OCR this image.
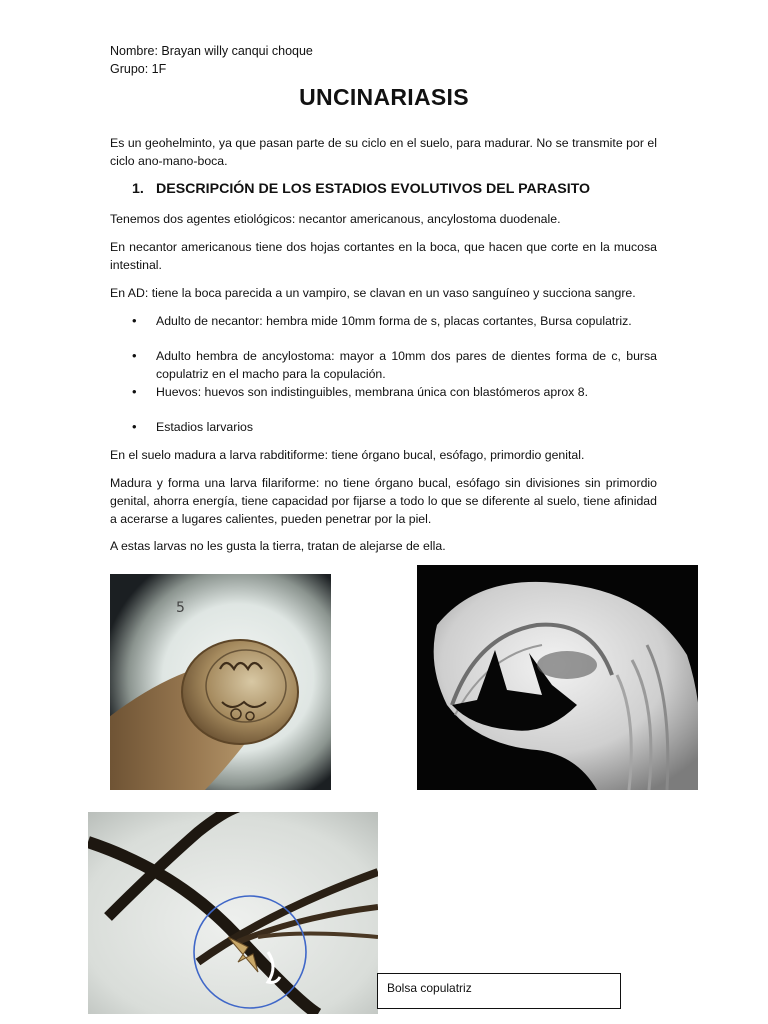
Nombre: Brayan willy canqui choque
Grupo: 1F
UNCINARIASIS
Es un geohelminto, ya que pasan parte de su ciclo en el suelo, para madurar. No se transmite por el ciclo ano-mano-boca.
1. DESCRIPCIÓN DE LOS ESTADIOS EVOLUTIVOS DEL PARASITO
Tenemos dos agentes etiológicos: necantor americanous, ancylostoma duodenale.
En necantor americanous tiene dos hojas cortantes en la boca, que hacen que corte en la mucosa intestinal.
En AD: tiene la boca parecida a un vampiro, se clavan en un vaso sanguíneo y succiona sangre.
•	Adulto de necantor: hembra mide 10mm forma de s, placas cortantes, Bursa copulatriz.
•	Adulto hembra de ancylostoma: mayor a 10mm dos pares de dientes forma de c, bursa copulatriz en el macho para la copulación.
•	Huevos: huevos son indistinguibles, membrana única con blastómeros aprox 8.
•	Estadios larvarios
En el suelo madura a larva rabditiforme: tiene órgano bucal, esófago, primordio genital.
Madura y forma una larva filariforme: no tiene órgano bucal, esófago sin divisiones sin primordio genital, ahorra energía, tiene capacidad por fijarse a todo lo que se diferente al suelo, tiene afinidad a acerarse a lugares calientes, pueden penetrar por la piel.
A estas larvas no les gusta la tierra, tratan de alejarse de ella.
5
Bolsa copulatriz
